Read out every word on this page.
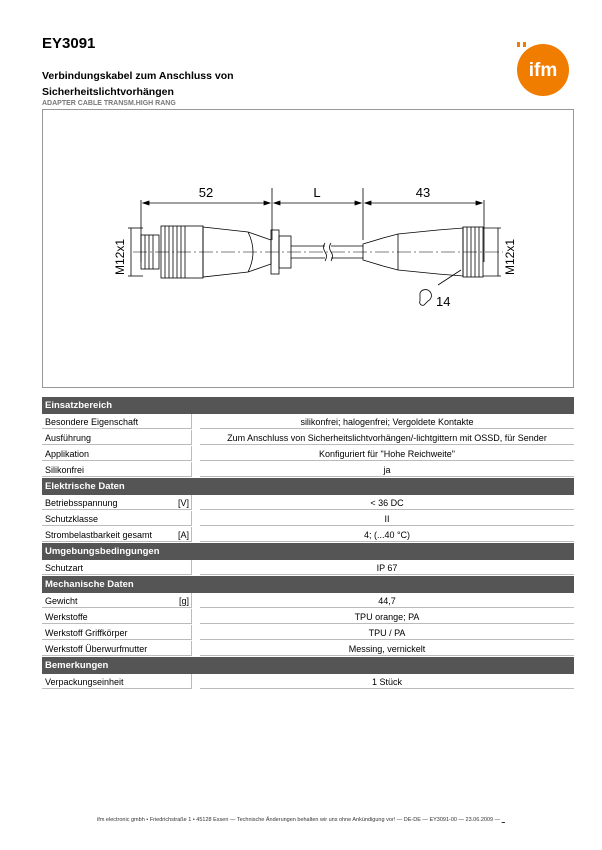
EY3091
Verbindungskabel zum Anschluss von
Sicherheitslichtvorhängen
ADAPTER CABLE TRANSM.HIGH RANG
ifm
52	L	43
M12x1	M12x1
14
Einsatzbereich
Besondere Eigenschaft	silikonfrei; halogenfrei; Vergoldete Kontakte
Ausführung	Zum Anschluss von Sicherheitslichtvorhängen/-lichtgittern mit OSSD, für Sender
Applikation	Konfiguriert für "Hohe Reichweite"
Silikonfrei	ja
Elektrische Daten
Betriebsspannung	[V]	< 36 DC
Schutzklasse	II
Strombelastbarkeit gesamt	[A]	4; (...40 °C)
Umgebungsbedingungen
Schutzart	IP 67
Mechanische Daten
Gewicht	[g]	44,7
Werkstoffe	TPU orange; PA
Werkstoff Griffkörper	TPU / PA
Werkstoff Überwurfmutter	Messing, vernickelt
Bemerkungen
Verpackungseinheit	1 Stück
ifm electronic gmbh • Friedrichstraße 1 • 45128 Essen — Technische Änderungen behalten wir uns ohne Ankündigung vor! — DE-DE — EY3091-00 — 23.06.2009 —    
